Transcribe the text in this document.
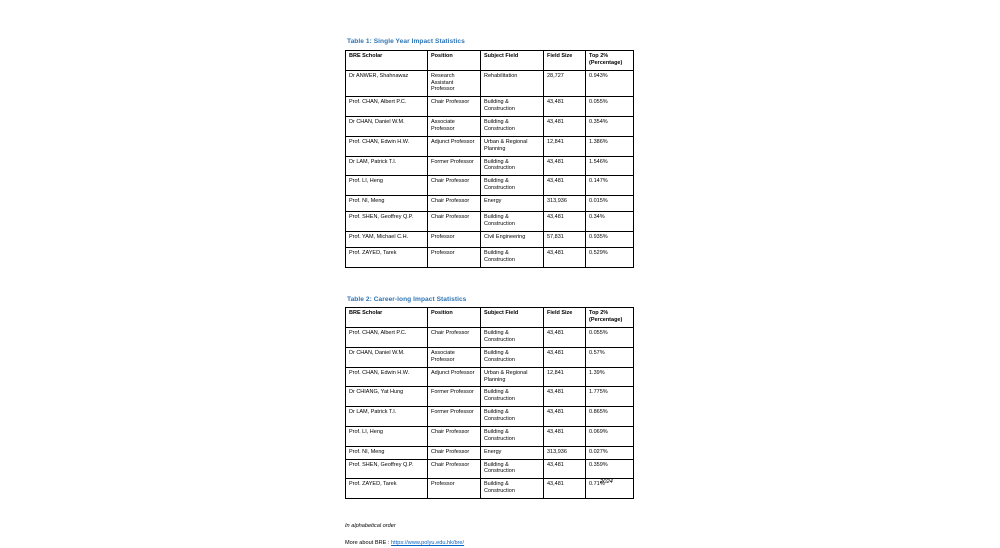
Table 1: Single Year Impact Statistics
BRE Scholar	Position	Subject Field	Field Size	Top 2%
(Percentage)
Dr ANWER, Shahnawaz	Research Assistant Professor	Rehabilitation	28,727	0.943%
Prof. CHAN, Albert P.C.	Chair Professor	Building & Construction	43,481	0.055%
Dr CHAN, Daniel W.M.	Associate Professor	Building & Construction	43,481	0.354%
Prof. CHAN, Edwin H.W.	Adjunct Professor	Urban & Regional Planning	12,841	1.386%
Dr LAM, Patrick T.I.	Former Professor	Building & Construction	43,481	1.546%
Prof. LI, Heng	Chair Professor	Building & Construction	43,481	0.147%
Prof. NI, Meng	Chair Professor	Energy	313,936	0.015%
Prof. SHEN, Geoffrey Q.P.	Chair Professor	Building & Construction	43,481	0.34%
Prof. YAM, Michael C.H.	Professor	Civil Engineering	57,831	0.935%
Prof. ZAYED, Tarek	Professor	Building & Construction	43,481	0.529%
Table 2: Career-long Impact Statistics
BRE Scholar	Position	Subject Field	Field Size	Top 2%
(Percentage)
Prof. CHAN, Albert P.C.	Chair Professor	Building & Construction	43,481	0.055%
Dr CHAN, Daniel W.M.	Associate Professor	Building & Construction	43,481	0.57%
Prof. CHAN, Edwin H.W.	Adjunct Professor	Urban & Regional Planning	12,841	1.39%
Dr CHIANG, Yat Hung	Former Professor	Building & Construction	43,481	1.775%
Dr LAM, Patrick T.I.	Former Professor	Building & Construction	43,481	0.865%
Prof. LI, Heng	Chair Professor	Building & Construction	43,481	0.069%
Prof. NI, Meng	Chair Professor	Energy	313,936	0.027%
Prof. SHEN, Geoffrey Q.P.	Chair Professor	Building & Construction	43,481	0.359%
Prof. ZAYED, Tarek	Professor	Building & Construction	43,481	0.71%
In alphabetical order
More about BRE : https://www.polyu.edu.hk/bre/
2024
